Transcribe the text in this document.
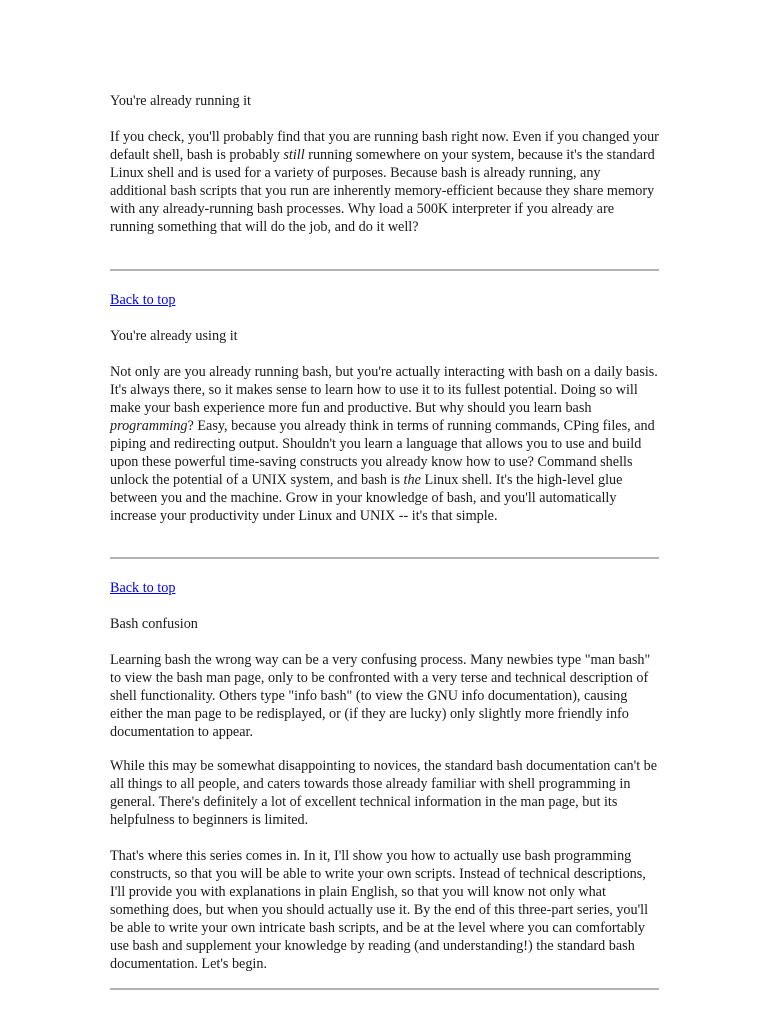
You're already running it

If you check, you'll probably find that you are running bash right now. Even if you changed your default shell, bash is probably still running somewhere on your system, because it's the standard Linux shell and is used for a variety of purposes. Because bash is already running, any additional bash scripts that you run are inherently memory-efficient because they share memory with any already-running bash processes. Why load a 500K interpreter if you already are running something that will do the job, and do it well?

Back to top
You're already using it

Not only are you already running bash, but you're actually interacting with bash on a daily basis. It's always there, so it makes sense to learn how to use it to its fullest potential. Doing so will make your bash experience more fun and productive. But why should you learn bash programming? Easy, because you already think in terms of running commands, CPing files, and piping and redirecting output. Shouldn't you learn a language that allows you to use and build upon these powerful time-saving constructs you already know how to use? Command shells unlock the potential of a UNIX system, and bash is the Linux shell. It's the high-level glue between you and the machine. Grow in your knowledge of bash, and you'll automatically increase your productivity under Linux and UNIX -- it's that simple.

Back to top
Bash confusion

Learning bash the wrong way can be a very confusing process. Many newbies type "man bash" to view the bash man page, only to be confronted with a very terse and technical description of shell functionality. Others type "info bash" (to view the GNU info documentation), causing either the man page to be redisplayed, or (if they are lucky) only slightly more friendly info documentation to appear.

While this may be somewhat disappointing to novices, the standard bash documentation can't be all things to all people, and caters towards those already familiar with shell programming in general. There's definitely a lot of excellent technical information in the man page, but its helpfulness to beginners is limited.

That's where this series comes in. In it, I'll show you how to actually use bash programming constructs, so that you will be able to write your own scripts. Instead of technical descriptions, I'll provide you with explanations in plain English, so that you will know not only what something does, but when you should actually use it. By the end of this three-part series, you'll be able to write your own intricate bash scripts, and be at the level where you can comfortably use bash and supplement your knowledge by reading (and understanding!) the standard bash documentation. Let's begin.
